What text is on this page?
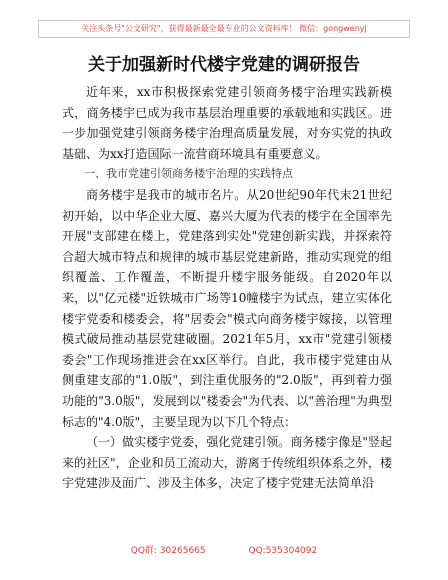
关注头条号"公文研究"，获得最新最全最专业的公文资料库！ 微信：gongwenyj
关于加强新时代楼宇党建的调研报告

近年来，xx市积极探索党建引领商务楼宇治理实践新模式，商务楼宇已成为我市基层治理重要的承载地和实践区。进一步加强党建引领商务楼宇治理高质量发展，对夯实党的执政基础、为xx打造国际一流营商环境具有重要意义。

一、我市党建引领商务楼宇治理的实践特点

商务楼宇是我市的城市名片。从20世纪90年代末21世纪初开始，以中华企业大厦、嘉兴大厦为代表的楼宇在全国率先开展"支部建在楼上，党建落到实处"党建创新实践，并探索符合超大城市特点和规律的城市基层党建新路，推动实现党的组织覆盖、工作覆盖，不断提升楼宇服务能级。自2020年以来，以"亿元楼"近铁城市广场等10幢楼宇为试点，建立实体化楼宇党委和楼委会，将"居委会"模式向商务楼宇嫁接，以管理模式破局推动基层党建破圈。2021年5月，xx市"党建引领楼委会"工作现场推进会在xx区举行。自此，我市楼宇党建由从侧重建支部的"1.0版"，到注重优服务的"2.0版"，再到着力强功能的"3.0版"，发展到以"楼委会"为代表、以"善治理"为典型标志的"4.0版"，主要呈现为以下几个特点：

（一）做实楼宇党委，强化党建引领。商务楼宇像是"竖起来的社区"，企业和员工流动大，游离于传统组织体系之外，楼宇党建涉及面广、涉及主体多，决定了楼宇党建无法简单沿

QQ群: 30265665	QQ:535304092
